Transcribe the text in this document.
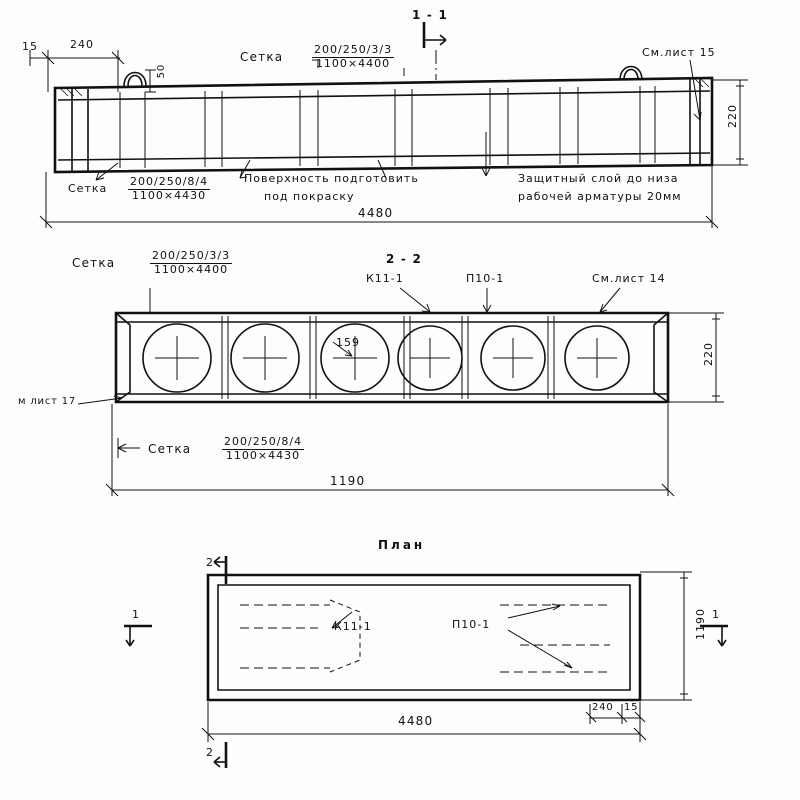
1 - 1
15	240
50
Сетка	$\frac{200/250/3/3}{1100\times 4400}$	См.лист 15
220
Сетка $\frac{200/250/8/4}{1100\times 4430}$	Поверхность подготовить
под покраску
Защитный слой до низа
рабочей арматуры 20мм
4480
Сетка	$\frac{200/250/3/3}{1100\times 4400}$	2 - 2
К11-1	П10-1	См.лист 14
159
м лист 17
220
Сетка	$\frac{200/250/8/4}{1100\times 4430}$
1190
План
2
2
1	1
К11-1	П10-1	1190
4480
240 15
